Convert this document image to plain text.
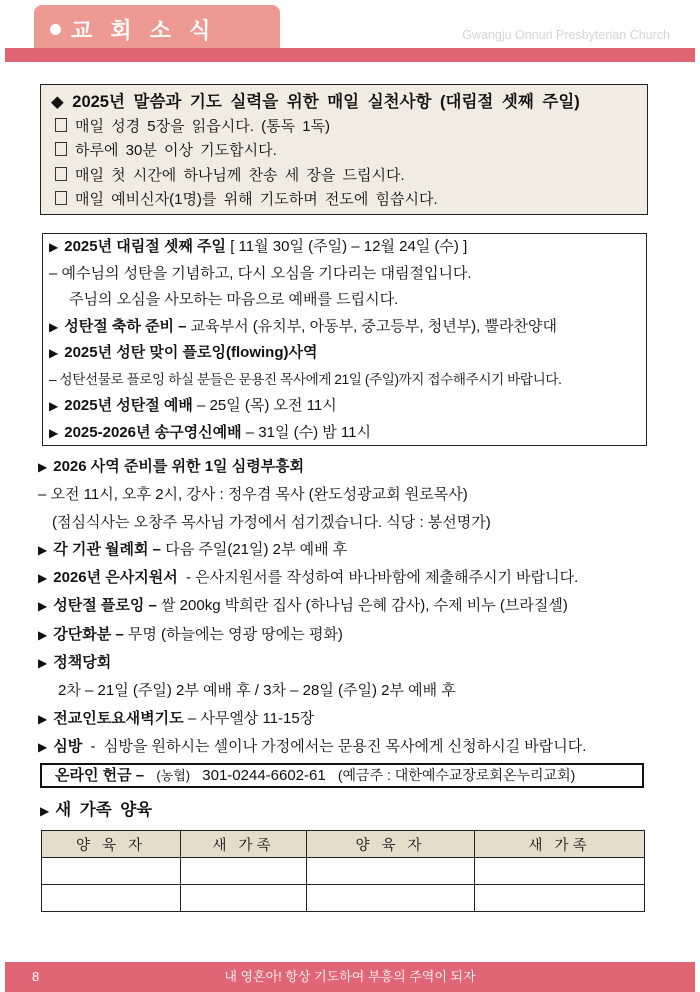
교 회 소 식	Gwangju Onnuri Presbyterian Church
◆ 2025년 말씀과 기도 실력을 위한 매일 실천사항 (대림절 셋째 주일)
매일 성경 5장을 읽읍시다. (통독 1독)
하루에 30분 이상 기도합시다.
매일 첫 시간에 하나님께 찬송 세 장을 드립시다.
매일 예비신자(1명)를 위해 기도하며 전도에 힘씁시다.
▶ 2025년 대림절 셋째 주일 [ 11월 30일 (주일) – 12월 24일 (수) ]
– 예수님의 성탄을 기념하고, 다시 오심을 기다리는 대림절입니다.
주님의 오심을 사모하는 마음으로 예배를 드립시다.
▶ 성탄절 축하 준비 – 교육부서 (유치부, 아동부, 중고등부, 청년부), 뿔라찬양대
▶ 2025년 성탄 맞이 플로잉(flowing)사역
– 성탄선물로 플로잉 하실 분들은 문용진 목사에게 21일 (주일)까지 접수해주시기 바랍니다.
▶ 2025년 성탄절 예배 – 25일 (목) 오전 11시
▶ 2025-2026년 송구영신예배 – 31일 (수) 밤 11시
▶ 2026 사역 준비를 위한 1일 심령부흥회
– 오전 11시, 오후 2시, 강사 : 정우겸 목사 (완도성광교회 원로목사)
(점심식사는 오창주 목사님 가정에서 섬기겠습니다. 식당 : 봉선명가)
▶ 각 기관 월례회 – 다음 주일(21일) 2부 예배 후
▶ 2026년 은사지원서  - 은사지원서를 작성하여 바나바함에 제출해주시기 바랍니다.
▶ 성탄절 플로잉 – 쌀 200kg 박희란 집사 (하나님 은혜 감사), 수제 비누 (브라질셀)
▶ 강단화분 – 무명 (하늘에는 영광 땅에는 평화)
▶ 정책당회
2차 – 21일 (주일) 2부 예배 후 / 3차 – 28일 (주일) 2부 예배 후
▶ 전교인토요새벽기도 – 사무엘상 11-15장
▶ 심방  -  심방을 원하시는 셀이나 가정에서는 문용진 목사에게 신청하시길 바랍니다.
온라인 헌금 – (농협) 301-0244-6602-61 (예금주 : 대한예수교장로회온누리교회)
▶ 새 가족 양육
양 육 자	새 가족	양 육 자	새 가족

8	내 영혼아! 항상 기도하여 부흥의 주역이 되자
